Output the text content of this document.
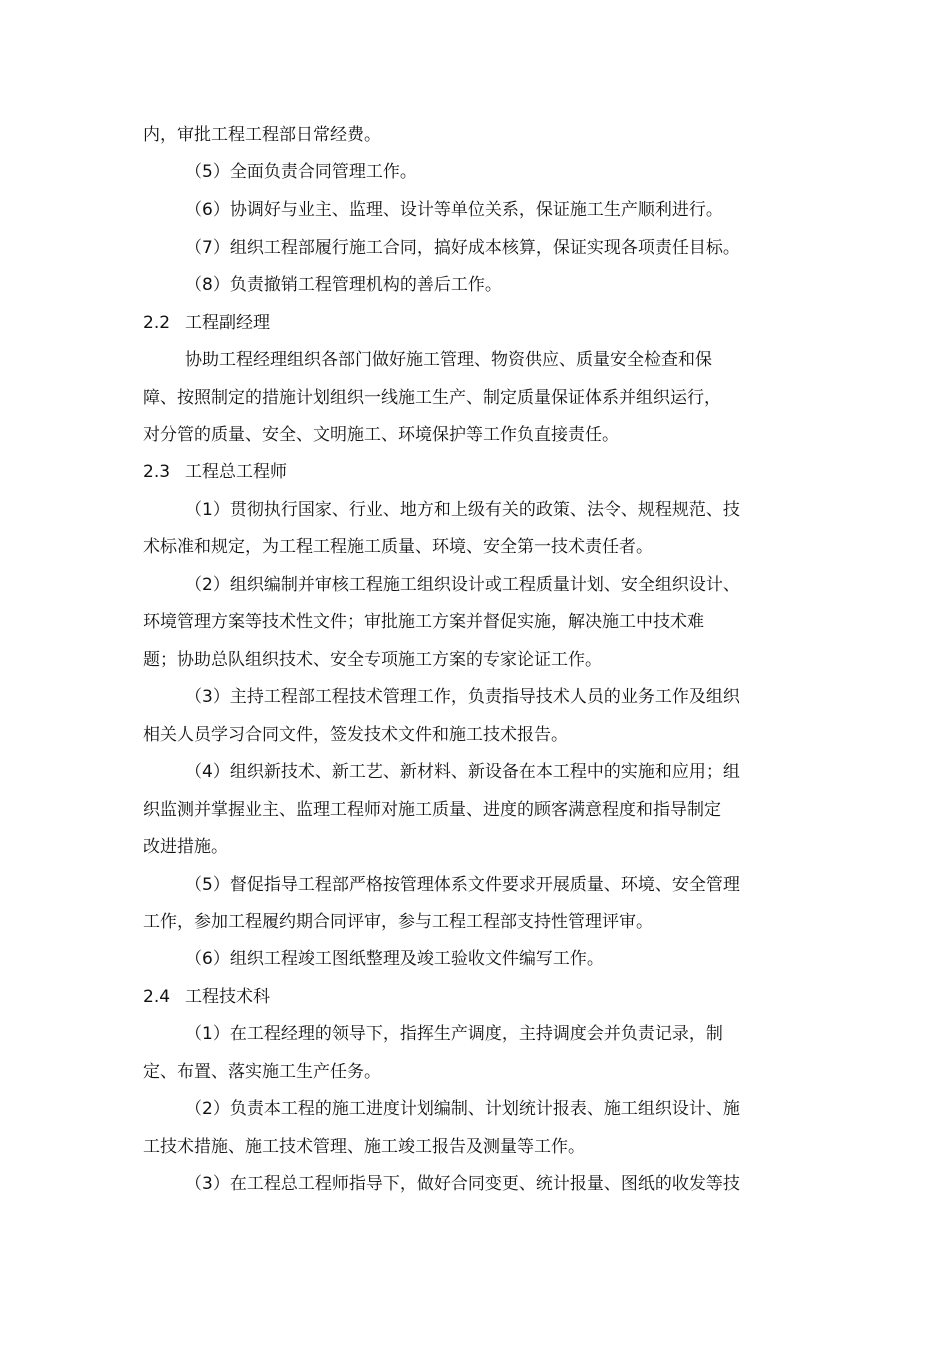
内，审批工程工程部日常经费。
（5）全面负责合同管理工作。
（6）协调好与业主、监理、设计等单位关系，保证施工生产顺利进行。
（7）组织工程部履行施工合同，搞好成本核算，保证实现各项责任目标。
（8）负责撤销工程管理机构的善后工作。
2.2 工程副经理
协助工程经理组织各部门做好施工管理、物资供应、质量安全检查和保
障、按照制定的措施计划组织一线施工生产、制定质量保证体系并组织运行，
对分管的质量、安全、文明施工、环境保护等工作负直接责任。
2.3 工程总工程师
（1）贯彻执行国家、行业、地方和上级有关的政策、法令、规程规范、技
术标准和规定，为工程工程施工质量、环境、安全第一技术责任者。
（2）组织编制并审核工程施工组织设计或工程质量计划、安全组织设计、
环境管理方案等技术性文件；审批施工方案并督促实施，解决施工中技术难
题；协助总队组织技术、安全专项施工方案的专家论证工作。
（3）主持工程部工程技术管理工作，负责指导技术人员的业务工作及组织
相关人员学习合同文件，签发技术文件和施工技术报告。
（4）组织新技术、新工艺、新材料、新设备在本工程中的实施和应用；组
织监测并掌握业主、监理工程师对施工质量、进度的顾客满意程度和指导制定
改进措施。
（5）督促指导工程部严格按管理体系文件要求开展质量、环境、安全管理
工作，参加工程履约期合同评审，参与工程工程部支持性管理评审。
（6）组织工程竣工图纸整理及竣工验收文件编写工作。
2.4 工程技术科
（1）在工程经理的领导下，指挥生产调度，主持调度会并负责记录，制
定、布置、落实施工生产任务。
（2）负责本工程的施工进度计划编制、计划统计报表、施工组织设计、施
工技术措施、施工技术管理、施工竣工报告及测量等工作。
（3）在工程总工程师指导下，做好合同变更、统计报量、图纸的收发等技
